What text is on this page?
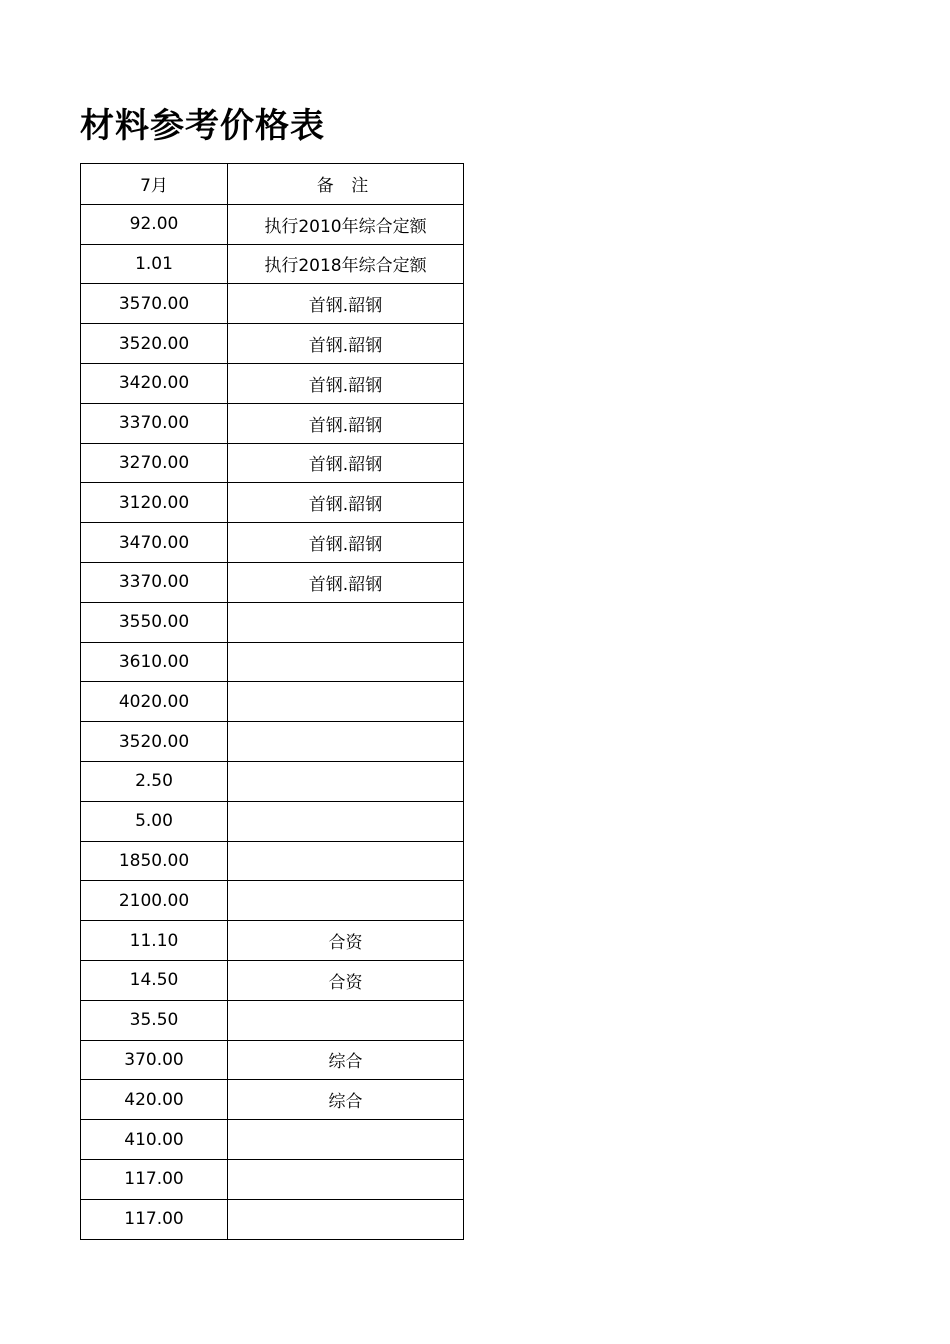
材料参考价格表
7月	备 注
92.00	执行2010年综合定额
1.01	执行2018年综合定额
3570.00	首钢.韶钢
3520.00	首钢.韶钢
3420.00	首钢.韶钢
3370.00	首钢.韶钢
3270.00	首钢.韶钢
3120.00	首钢.韶钢
3470.00	首钢.韶钢
3370.00	首钢.韶钢
3550.00	
3610.00	
4020.00	
3520.00	
2.50	
5.00	
1850.00	
2100.00	
11.10	合资
14.50	合资
35.50	
370.00	综合
420.00	综合
410.00	
117.00	
117.00	
